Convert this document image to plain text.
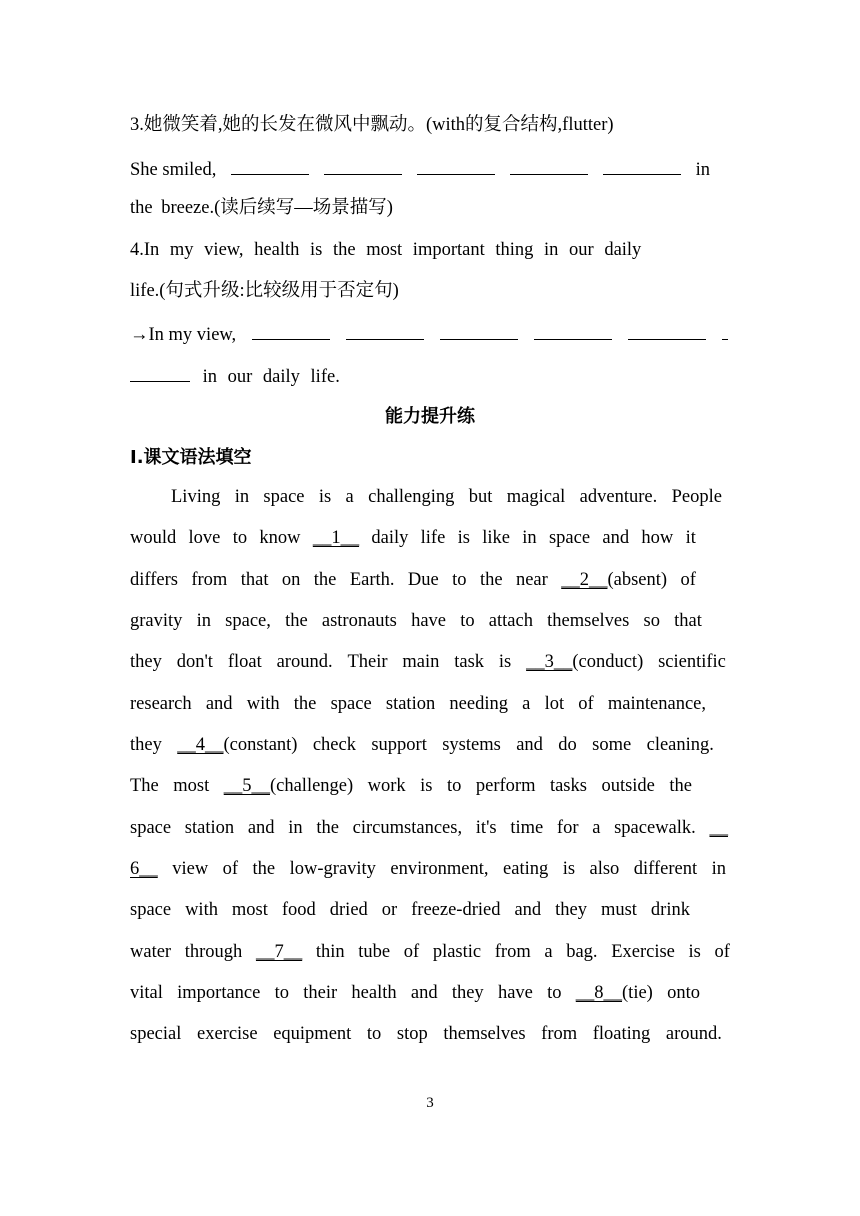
3.她微笑着,她的长发在微风中飘动。(with的复合结构,flutter)
She smiled,	in
the breeze.(读后续写—场景描写)
4.In my view, health is the most important thing in our daily
life.(句式升级:比较级用于否定句)
→In my view,
in our daily life.
能力提升练
Ⅰ.课文语法填空
Living in space is a challenging but magical adventure. People
would love to know __1__ daily life is like in space and how it
differs from that on the Earth. Due to the near __2__(absent) of
gravity in space, the astronauts have to attach themselves so that
they don't float around. Their main task is __3__(conduct) scientific
research and with the space station needing a lot of maintenance,
they __4__(constant) check support systems and do some cleaning.
The most __5__(challenge) work is to perform tasks outside the
space station and in the circumstances, it's time for a spacewalk. __
6__ view of the low-gravity environment, eating is also different in
space with most food dried or freeze-dried and they must drink
water through __7__ thin tube of plastic from a bag. Exercise is of
vital importance to their health and they have to __8__(tie) onto
special exercise equipment to stop themselves from floating around.
3
